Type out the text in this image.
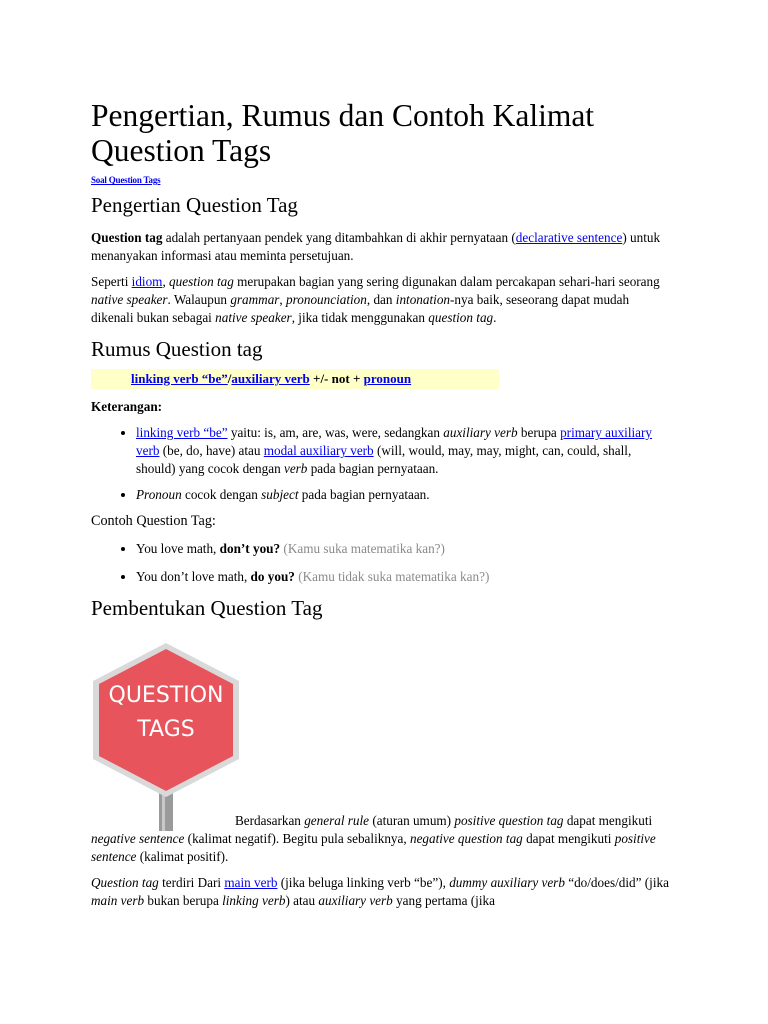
Pengertian, Rumus dan Contoh Kalimat Question Tags
Soal Question Tags
Pengertian Question Tag

Question tag adalah pertanyaan pendek yang ditambahkan di akhir pernyataan (declarative sentence) untuk menanyakan informasi atau meminta persetujuan.

Seperti idiom, question tag merupakan bagian yang sering digunakan dalam percakapan sehari-hari seorang native speaker. Walaupun grammar, pronounciation, dan intonation-nya baik, seseorang dapat mudah dikenali bukan sebagai native speaker, jika tidak menggunakan question tag.

Rumus Question tag
linking verb “be”/auxiliary verb +/- not + pronoun

Keterangan:

• linking verb “be” yaitu: is, am, are, was, were, sedangkan auxiliary verb berupa primary auxiliary verb (be, do, have) atau modal auxiliary verb (will, would, may, may, might, can, could, shall, should) yang cocok dengan verb pada bagian pernyataan.
• Pronoun cocok dengan subject pada bagian pernyataan.

Contoh Question Tag:

• You love math, don’t you? (Kamu suka matematika kan?)
• You don’t love math, do you? (Kamu tidak suka matematika kan?)
Pembentukan Question Tag
QUESTION
TAGS

Berdasarkan general rule (aturan umum) positive question tag dapat mengikuti negative sentence (kalimat negatif). Begitu pula sebaliknya, negative question tag dapat mengikuti positive sentence (kalimat positif).

Question tag terdiri Dari main verb (jika beluga linking verb “be”), dummy auxiliary verb “do/does/did” (jika main verb bukan berupa linking verb) atau auxiliary verb yang pertama (jika
